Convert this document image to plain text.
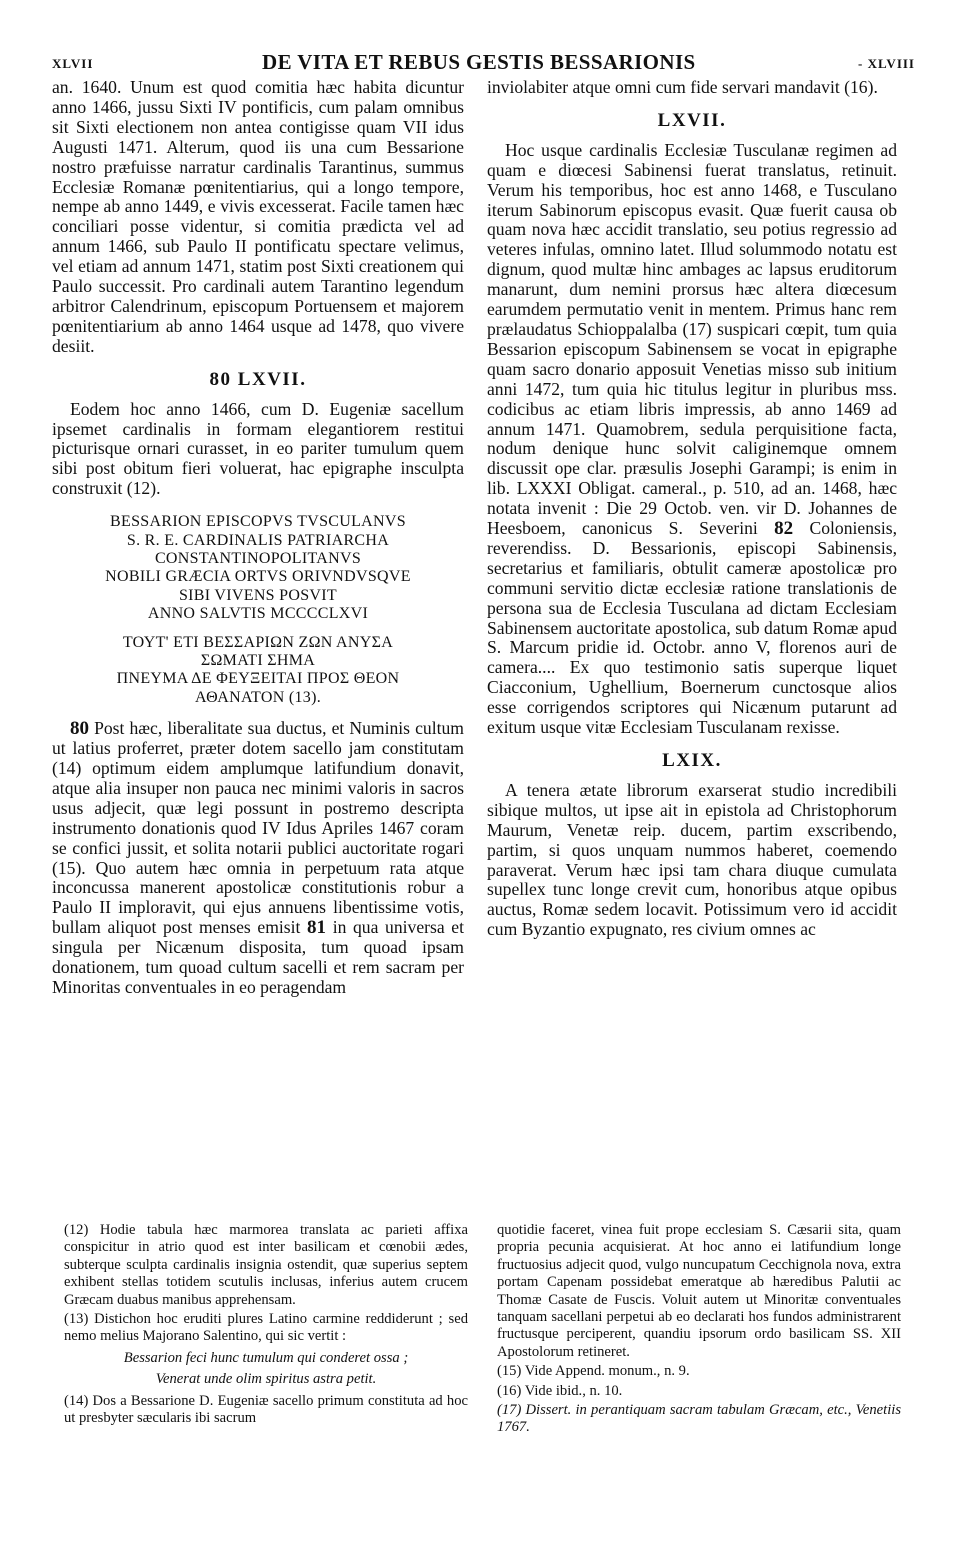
XLVII	DE VITA ET REBUS GESTIS BESSARIONIS	- XLVIII

an. 1640. Unum est quod comitia hæc habita dicuntur anno 1466, jussu Sixti IV pontificis, cum palam omnibus sit Sixti electionem non antea contigisse quam VII idus Augusti 1471. Alterum, quod iis una cum Bessarione nostro præfuisse narratur cardinalis Tarantinus, summus Ecclesiæ Romanæ pœnitentiarius, qui a longo tempore, nempe ab anno 1449, e vivis excesserat. Facile tamen hæc conciliari posse videntur, si comitia prædicta vel ad annum 1466, sub Paulo II pontificatu spectare velimus, vel etiam ad annum 1471, statim post Sixti creationem qui Paulo successit. Pro cardinali autem Tarantino legendum arbitror Calendrinum, episcopum Portuensem et majorem pœnitentiarium ab anno 1464 usque ad 1478, quo vivere desiit.

80 LXVII.

Eodem hoc anno 1466, cum D. Eugeniæ sacellum ipsemet cardinalis in formam elegantiorem restitui picturisque ornari curasset, in eo pariter tumulum quem sibi post obitum fieri voluerat, hac epigraphe insculpta construxit (12).

BESSARION EPISCOPVS TVSCULANVS
S. R. E. CARDINALIS PATRIARCHA
CONSTANTINOPOLITANVS
NOBILI GRÆCIA ORTVS ORIVNDVSQVE
SIBI VIVENS POSVIT
ANNO SALVTIS MCCCCLXVI
ΤΟΥΤ' ΕΤΙ ΒΕΣΣΑΡΙΩΝ ΖΩΝ ΑΝΥΣΑ
ΣΩΜΑΤΙ ΣΗΜΑ
ΠΝΕΥΜΑ ΔΕ ΦΕΥΞΕΙΤΑΙ ΠΡΟΣ ΘΕΟΝ
ΑΘΑΝΑΤΟΝ (13).

80 Post hæc, liberalitate sua ductus, et Numinis cultum ut latius proferret, præter dotem sacello jam constitutam (14) optimum eidem amplumque latifundium donavit, atque alia insuper non pauca nec minimi valoris in sacros usus adjecit, quæ legi possunt in postremo descripta instrumento donationis quod IV Idus Apriles 1467 coram se confici jussit, et solita notarii publici auctoritate rogari (15). Quo autem hæc omnia in perpetuum rata atque inconcussa manerent apostolicæ constitutionis robur a Paulo II imploravit, qui ejus annuens libentissime votis, bullam aliquot post menses emisit 81 in qua universa et singula per Nicænum disposita, tum quoad ipsam donationem, tum quoad cultum sacelli et rem sacram per Minoritas conventuales in eo peragendam

inviolabiter atque omni cum fide servari mandavit (16).

LXVII.

Hoc usque cardinalis Ecclesiæ Tusculanæ regimen ad quam e diœcesi Sabinensi fuerat translatus, retinuit. Verum his temporibus, hoc est anno 1468, e Tusculano iterum Sabinorum episcopus evasit. Quæ fuerit causa ob quam nova hæc accidit translatio, seu potius regressio ad veteres infulas, omnino latet. Illud solummodo notatu est dignum, quod multæ hinc ambages ac lapsus eruditorum manarunt, dum nemini prorsus hæc altera diœcesum earumdem permutatio venit in mentem. Primus hanc rem prælaudatus Schioppalalba (17) suspicari cœpit, tum quia Bessarion episcopum Sabinensem se vocat in epigraphe quam sacro donario apposuit Venetias misso sub initium anni 1472, tum quia hic titulus legitur in pluribus mss. codicibus ac etiam libris impressis, ab anno 1469 ad annum 1471. Quamobrem, sedula perquisitione facta, nodum denique hunc solvit caliginemque omnem discussit ope clar. præsulis Josephi Garampi; is enim in lib. LXXXI Obligat. cameral., p. 510, ad an. 1468, hæc notata invenit : Die 29 Octob. ven. vir D. Johannes de Heesboem, canonicus S. Severini 82 Coloniensis, reverendiss. D. Bessarionis, episcopi Sabinensis, secretarius et familiaris, obtulit cameræ apostolicæ pro communi servitio dictæ ecclesiæ ratione translationis de persona sua de Ecclesia Tusculana ad dictam Ecclesiam Sabinensem auctoritate apostolica, sub datum Romæ apud S. Marcum pridie id. Octobr. anno V, florenos auri de camera.... Ex quo testimonio satis superque liquet Ciacconium, Ughellium, Boernerum cunctosque alios esse corrigendos scriptores qui Nicænum putarunt ad exitum usque vitæ Ecclesiam Tusculanam rexisse.

LXIX.

A tenera ætate librorum exarserat studio incredibili sibique multos, ut ipse ait in epistola ad Christophorum Maurum, Venetæ reip. ducem, partim exscribendo, partim, si quos unquam nummos haberet, coemendo paraverat. Verum hæc ipsi tam chara diuque cumulata supellex tunc longe crevit cum, honoribus atque opibus auctus, Romæ sedem locavit. Potissimum vero id accidit cum Byzantio expugnato, res civium omnes ac

(12) Hodie tabula hæc marmorea translata ac parieti affixa conspicitur in atrio quod est inter basilicam et cœnobii ædes, subterque sculpta cardinalis insignia ostendit, quæ superius septem exhibent stellas totidem scutulis inclusas, inferius autem crucem Græcam duabus manibus apprehensam.

(13) Distichon hoc eruditi plures Latino carmine reddiderunt ; sed nemo melius Majorano Salentino, qui sic vertit :

Bessarion feci hunc tumulum qui conderet ossa ;
Venerat unde olim spiritus astra petit.

(14) Dos a Bessarione D. Eugeniæ sacello primum constituta ad hoc ut presbyter sæcularis ibi sacrum

quotidie faceret, vinea fuit prope ecclesiam S. Cæsarii sita, quam propria pecunia acquisierat. At hoc anno ei latifundium longe fructuosius adjecit quod, vulgo nuncupatum Cecchignola nova, extra portam Capenam possidebat emeratque ab hæredibus Palutii ac Thomæ Casate de Fuscis. Voluit autem ut Minoritæ conventuales tanquam sacellani perpetui ab eo declarati hos fundos administrarent fructusque perciperent, quandiu ipsorum ordo basilicam SS. XII Apostolorum retineret.

(15) Vide Append. monum., n. 9.

(16) Vide ibid., n. 10.

(17) Dissert. in perantiquam sacram tabulam Græcam, etc., Venetiis 1767.
